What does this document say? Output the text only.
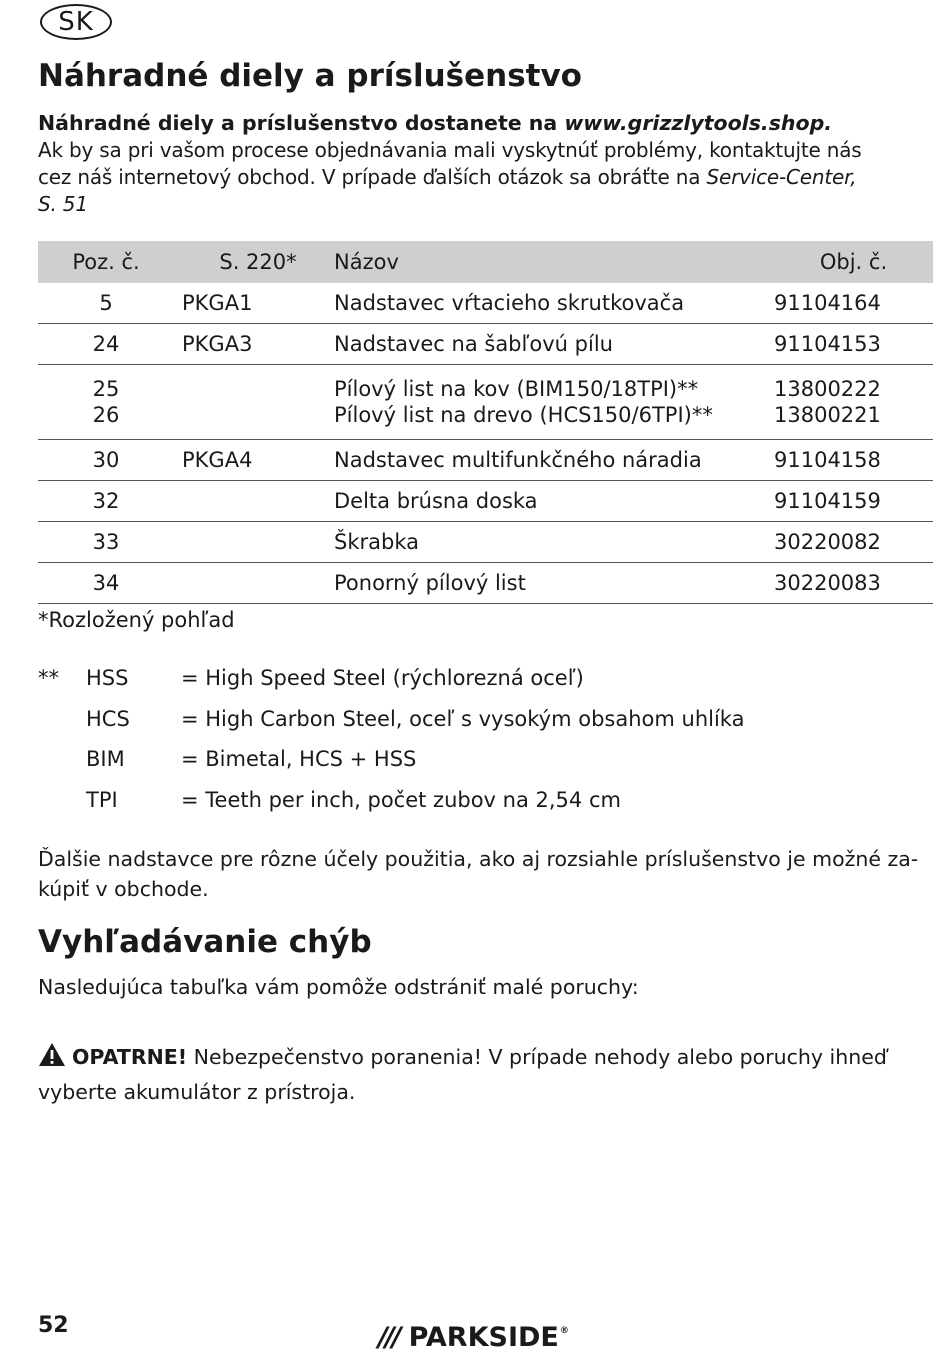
SK
Náhradné diely a príslušenstvo
Náhradné diely a príslušenstvo dostanete na www.grizzlytools.shop.
Ak by sa pri vašom procese objednávania mali vyskytnúť problémy, kontaktujte nás
cez náš internetový obchod. V prípade ďalších otázok sa obráťte na Service-Center,
S. 51
Poz. č.	S. 220*	Názov	Obj. č.
5	PKGA1	Nadstavec vŕtacieho skrutkovača	91104164
24	PKGA3	Nadstavec na šabľovú pílu	91104153
25		Pílový list na kov (BIM150/18TPI)**	13800222
26		Pílový list na drevo (HCS150/6TPI)**	13800221
30	PKGA4	Nadstavec multifunkčného náradia	91104158
32		Delta brúsna doska	91104159
33		Škrabka	30220082
34		Ponorný pílový list	30220083
*Rozložený pohľad
** HSS	= High Speed Steel (rýchlorezná oceľ)
HCS = High Carbon Steel, oceľ s vysokým obsahom uhlíka
BIM	= Bimetal, HCS + HSS
TPI	= Teeth per inch, počet zubov na 2,54 cm
Ďalšie nadstavce pre rôzne účely použitia, ako aj rozsiahle príslušenstvo je možné za-
kúpiť v obchode.
Vyhľadávanie chýb
Nasledujúca tabuľka vám pomôže odstrániť malé poruchy:
OPATRNE! Nebezpečenstvo poranenia! V prípade nehody alebo poruchy ihneď
vyberte akumulátor z prístroja.
52	/// PARKSIDE ®
